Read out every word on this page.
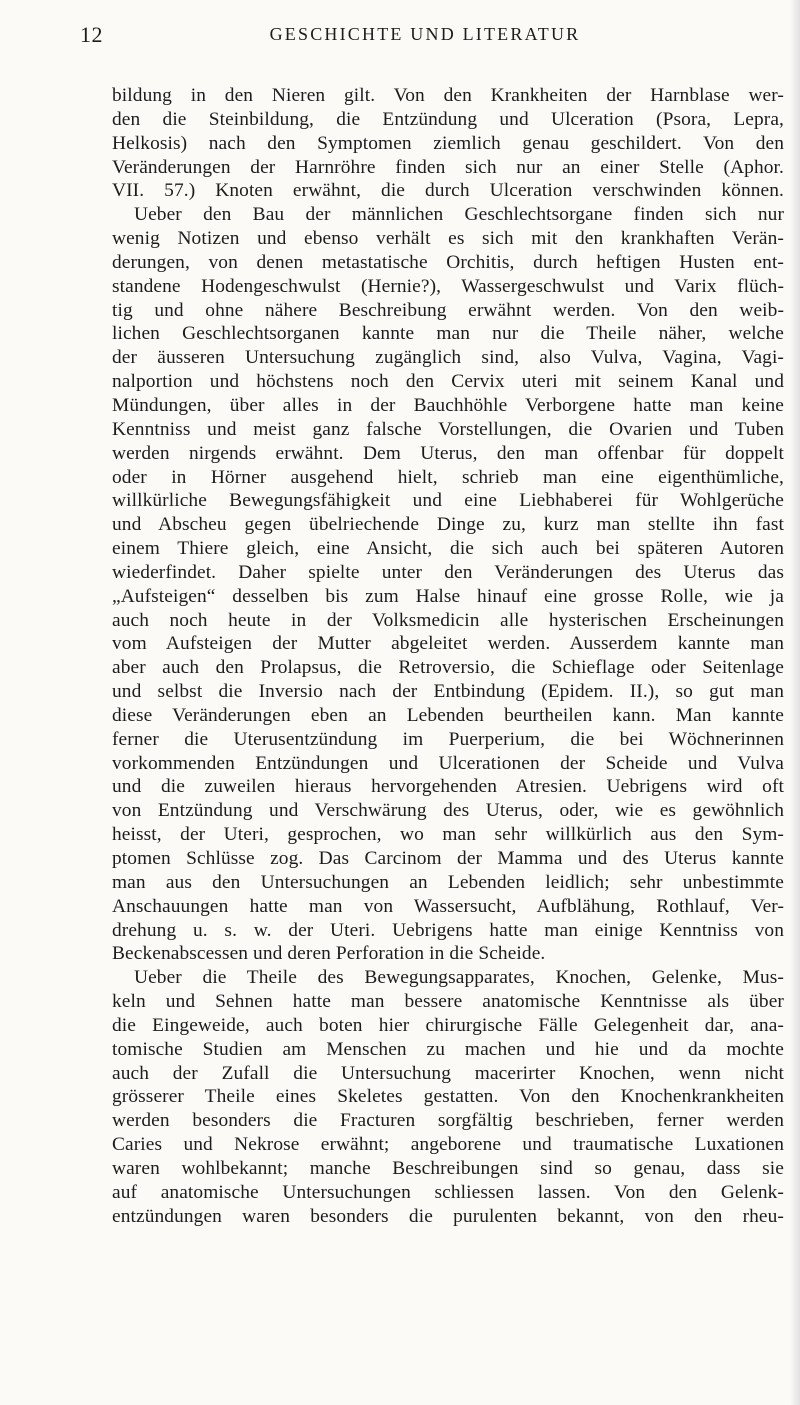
12	GESCHICHTE UND LITERATUR
bildung in den Nieren gilt. Von den Krankheiten der Harnblase wer-
den die Steinbildung, die Entzündung und Ulceration (Psora, Lepra,
Helkosis) nach den Symptomen ziemlich genau geschildert. Von den
Veränderungen der Harnröhre finden sich nur an einer Stelle (Aphor.
VII. 57.) Knoten erwähnt, die durch Ulceration verschwinden können.
Ueber den Bau der männlichen Geschlechtsorgane finden sich nur
wenig Notizen und ebenso verhält es sich mit den krankhaften Verän-
derungen, von denen metastatische Orchitis, durch heftigen Husten ent-
standene Hodengeschwulst (Hernie?), Wassergeschwulst und Varix flüch-
tig und ohne nähere Beschreibung erwähnt werden. Von den weib-
lichen Geschlechtsorganen kannte man nur die Theile näher, welche
der äusseren Untersuchung zugänglich sind, also Vulva, Vagina, Vagi-
nalportion und höchstens noch den Cervix uteri mit seinem Kanal und
Mündungen, über alles in der Bauchhöhle Verborgene hatte man keine
Kenntniss und meist ganz falsche Vorstellungen, die Ovarien und Tuben
werden nirgends erwähnt. Dem Uterus, den man offenbar für doppelt
oder in Hörner ausgehend hielt, schrieb man eine eigenthümliche,
willkürliche Bewegungsfähigkeit und eine Liebhaberei für Wohlgerüche
und Abscheu gegen übelriechende Dinge zu, kurz man stellte ihn fast
einem Thiere gleich, eine Ansicht, die sich auch bei späteren Autoren
wiederfindet. Daher spielte unter den Veränderungen des Uterus das
„Aufsteigen“ desselben bis zum Halse hinauf eine grosse Rolle, wie ja
auch noch heute in der Volksmedicin alle hysterischen Erscheinungen
vom Aufsteigen der Mutter abgeleitet werden. Ausserdem kannte man
aber auch den Prolapsus, die Retroversio, die Schieflage oder Seitenlage
und selbst die Inversio nach der Entbindung (Epidem. II.), so gut man
diese Veränderungen eben an Lebenden beurtheilen kann. Man kannte
ferner die Uterusentzündung im Puerperium, die bei Wöchnerinnen
vorkommenden Entzündungen und Ulcerationen der Scheide und Vulva
und die zuweilen hieraus hervorgehenden Atresien. Uebrigens wird oft
von Entzündung und Verschwärung des Uterus, oder, wie es gewöhnlich
heisst, der Uteri, gesprochen, wo man sehr willkürlich aus den Sym-
ptomen Schlüsse zog. Das Carcinom der Mamma und des Uterus kannte
man aus den Untersuchungen an Lebenden leidlich; sehr unbestimmte
Anschauungen hatte man von Wassersucht, Aufblähung, Rothlauf, Ver-
drehung u. s. w. der Uteri. Uebrigens hatte man einige Kenntniss von
Beckenabscessen und deren Perforation in die Scheide.
Ueber die Theile des Bewegungsapparates, Knochen, Gelenke, Mus-
keln und Sehnen hatte man bessere anatomische Kenntnisse als über
die Eingeweide, auch boten hier chirurgische Fälle Gelegenheit dar, ana-
tomische Studien am Menschen zu machen und hie und da mochte
auch der Zufall die Untersuchung macerirter Knochen, wenn nicht
grösserer Theile eines Skeletes gestatten. Von den Knochenkrankheiten
werden besonders die Fracturen sorgfältig beschrieben, ferner werden
Caries und Nekrose erwähnt; angeborene und traumatische Luxationen
waren wohlbekannt; manche Beschreibungen sind so genau, dass sie
auf anatomische Untersuchungen schliessen lassen. Von den Gelenk-
entzündungen waren besonders die purulenten bekannt, von den rheu-
